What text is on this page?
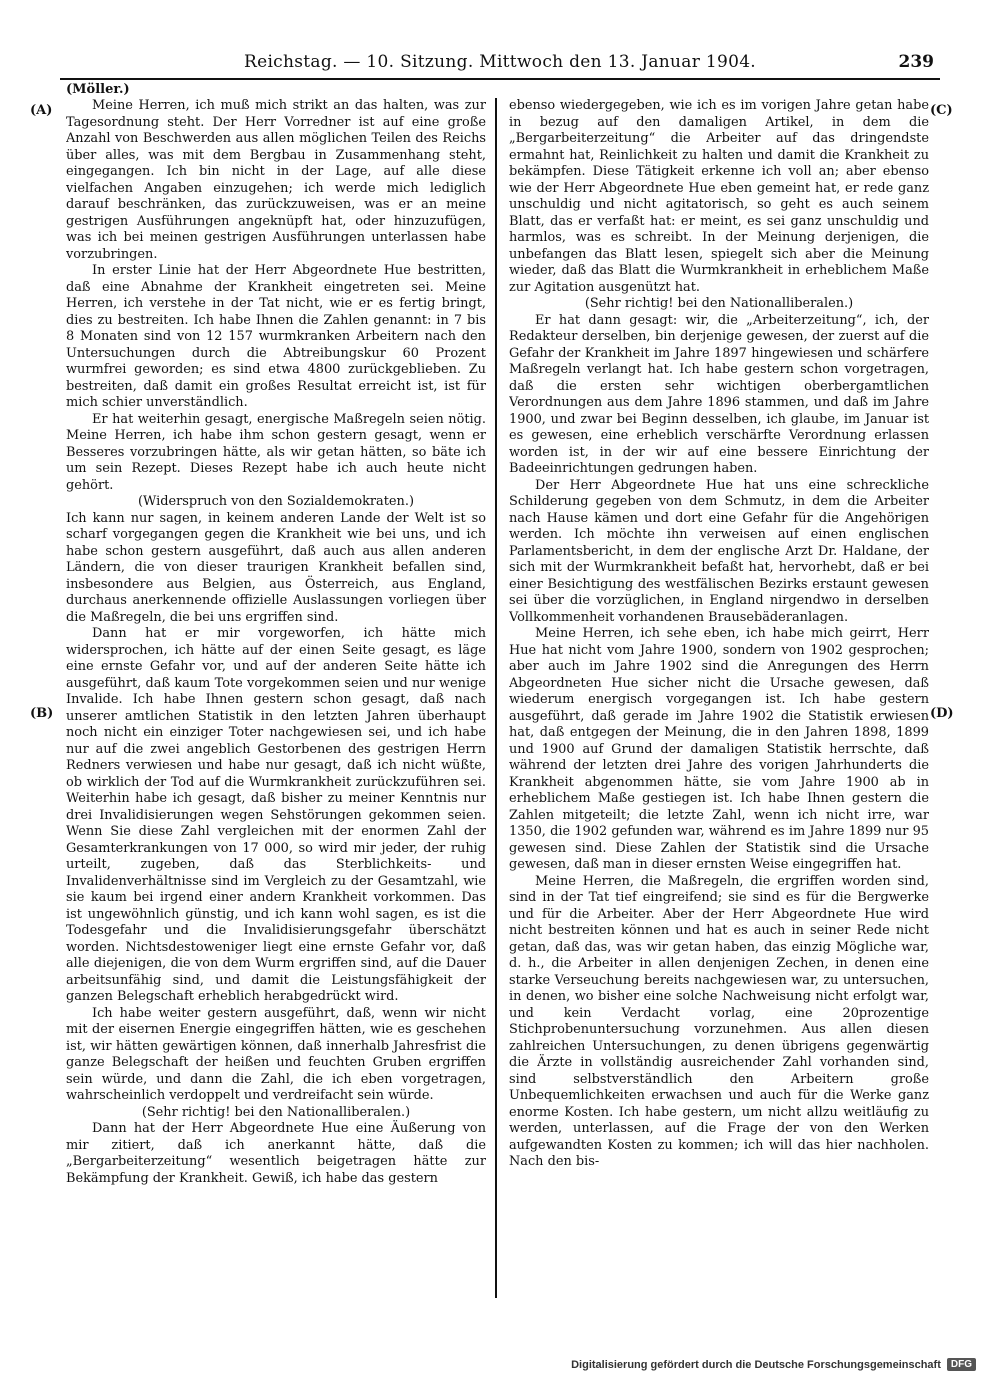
Reichstag. — 10. Sitzung. Mittwoch den 13. Januar 1904.	239
(Möller.)
(A)
(B)
(C)
(D)

Meine Herren, ich muß mich strikt an das halten, was zur Tagesordnung steht. Der Herr Vorredner ist auf eine große Anzahl von Beschwerden aus allen möglichen Teilen des Reichs über alles, was mit dem Bergbau in Zusammenhang steht, eingegangen. Ich bin nicht in der Lage, auf alle diese vielfachen Angaben einzugehen; ich werde mich lediglich darauf beschränken, das zurückzuweisen, was er an meine gestrigen Ausführungen angeknüpft hat, oder hinzuzufügen, was ich bei meinen gestrigen Ausführungen unterlassen habe vorzubringen.

In erster Linie hat der Herr Abgeordnete Hue bestritten, daß eine Abnahme der Krankheit eingetreten sei. Meine Herren, ich verstehe in der Tat nicht, wie er es fertig bringt, dies zu bestreiten. Ich habe Ihnen die Zahlen genannt: in 7 bis 8 Monaten sind von 12 157 wurmkranken Arbeitern nach den Untersuchungen durch die Abtreibungskur 60 Prozent wurmfrei geworden; es sind etwa 4800 zurückgeblieben. Zu bestreiten, daß damit ein großes Resultat erreicht ist, ist für mich schier unverständlich.

Er hat weiterhin gesagt, energische Maßregeln seien nötig. Meine Herren, ich habe ihm schon gestern gesagt, wenn er Besseres vorzubringen hätte, als wir getan hätten, so bäte ich um sein Rezept. Dieses Rezept habe ich auch heute nicht gehört.

(Widerspruch von den Sozialdemokraten.)

Ich kann nur sagen, in keinem anderen Lande der Welt ist so scharf vorgegangen gegen die Krankheit wie bei uns, und ich habe schon gestern ausgeführt, daß auch aus allen anderen Ländern, die von dieser traurigen Krankheit befallen sind, insbesondere aus Belgien, aus Österreich, aus England, durchaus anerkennende offizielle Auslassungen vorliegen über die Maßregeln, die bei uns ergriffen sind.

Dann hat er mir vorgeworfen, ich hätte mich widersprochen, ich hätte auf der einen Seite gesagt, es läge eine ernste Gefahr vor, und auf der anderen Seite hätte ich ausgeführt, daß kaum Tote vorgekommen seien und nur wenige Invalide. Ich habe Ihnen gestern schon gesagt, daß nach unserer amtlichen Statistik in den letzten Jahren überhaupt noch nicht ein einziger Toter nachgewiesen sei, und ich habe nur auf die zwei angeblich Gestorbenen des gestrigen Herrn Redners verwiesen und habe nur gesagt, daß ich nicht wüßte, ob wirklich der Tod auf die Wurmkrankheit zurückzuführen sei. Weiterhin habe ich gesagt, daß bisher zu meiner Kenntnis nur drei Invalidisierungen wegen Sehstörungen gekommen seien. Wenn Sie diese Zahl vergleichen mit der enormen Zahl der Gesamterkrankungen von 17 000, so wird mir jeder, der ruhig urteilt, zugeben, daß das Sterblichkeits- und Invalidenverhältnisse sind im Vergleich zu der Gesamtzahl, wie sie kaum bei irgend einer andern Krankheit vorkommen. Das ist ungewöhnlich günstig, und ich kann wohl sagen, es ist die Todesgefahr und die Invalidisierungsgefahr überschätzt worden. Nichtsdestoweniger liegt eine ernste Gefahr vor, daß alle diejenigen, die von dem Wurm ergriffen sind, auf die Dauer arbeitsunfähig sind, und damit die Leistungsfähigkeit der ganzen Belegschaft erheblich herabgedrückt wird.

Ich habe weiter gestern ausgeführt, daß, wenn wir nicht mit der eisernen Energie eingegriffen hätten, wie es geschehen ist, wir hätten gewärtigen können, daß innerhalb Jahresfrist die ganze Belegschaft der heißen und feuchten Gruben ergriffen sein würde, und dann die Zahl, die ich eben vorgetragen, wahrscheinlich verdoppelt und verdreifacht sein würde.

(Sehr richtig! bei den Nationalliberalen.)

Dann hat der Herr Abgeordnete Hue eine Äußerung von mir zitiert, daß ich anerkannt hätte, daß die „Bergarbeiterzeitung“ wesentlich beigetragen hätte zur Bekämpfung der Krankheit. Gewiß, ich habe das gestern

ebenso wiedergegeben, wie ich es im vorigen Jahre getan habe in bezug auf den damaligen Artikel, in dem die „Bergarbeiterzeitung“ die Arbeiter auf das dringendste ermahnt hat, Reinlichkeit zu halten und damit die Krankheit zu bekämpfen. Diese Tätigkeit erkenne ich voll an; aber ebenso wie der Herr Abgeordnete Hue eben gemeint hat, er rede ganz unschuldig und nicht agitatorisch, so geht es auch seinem Blatt, das er verfaßt hat: er meint, es sei ganz unschuldig und harmlos, was es schreibt. In der Meinung derjenigen, die unbefangen das Blatt lesen, spiegelt sich aber die Meinung wieder, daß das Blatt die Wurmkrankheit in erheblichem Maße zur Agitation ausgenützt hat.

(Sehr richtig! bei den Nationalliberalen.)

Er hat dann gesagt: wir, die „Arbeiterzeitung“, ich, der Redakteur derselben, bin derjenige gewesen, der zuerst auf die Gefahr der Krankheit im Jahre 1897 hingewiesen und schärfere Maßregeln verlangt hat. Ich habe gestern schon vorgetragen, daß die ersten sehr wichtigen oberbergamtlichen Verordnungen aus dem Jahre 1896 stammen, und daß im Jahre 1900, und zwar bei Beginn desselben, ich glaube, im Januar ist es gewesen, eine erheblich verschärfte Verordnung erlassen worden ist, in der wir auf eine bessere Einrichtung der Badeeinrichtungen gedrungen haben.

Der Herr Abgeordnete Hue hat uns eine schreckliche Schilderung gegeben von dem Schmutz, in dem die Arbeiter nach Hause kämen und dort eine Gefahr für die Angehörigen werden. Ich möchte ihn verweisen auf einen englischen Parlamentsbericht, in dem der englische Arzt Dr. Haldane, der sich mit der Wurmkrankheit befaßt hat, hervorhebt, daß er bei einer Besichtigung des westfälischen Bezirks erstaunt gewesen sei über die vorzüglichen, in England nirgendwo in derselben Vollkommenheit vorhandenen Brausebäderanlagen.

Meine Herren, ich sehe eben, ich habe mich geirrt, Herr Hue hat nicht vom Jahre 1900, sondern von 1902 gesprochen; aber auch im Jahre 1902 sind die Anregungen des Herrn Abgeordneten Hue sicher nicht die Ursache gewesen, daß wiederum energisch vorgegangen ist. Ich habe gestern ausgeführt, daß gerade im Jahre 1902 die Statistik erwiesen hat, daß entgegen der Meinung, die in den Jahren 1898, 1899 und 1900 auf Grund der damaligen Statistik herrschte, daß während der letzten drei Jahre des vorigen Jahrhunderts die Krankheit abgenommen hätte, sie vom Jahre 1900 ab in erheblichem Maße gestiegen ist. Ich habe Ihnen gestern die Zahlen mitgeteilt; die letzte Zahl, wenn ich nicht irre, war 1350, die 1902 gefunden war, während es im Jahre 1899 nur 95 gewesen sind. Diese Zahlen der Statistik sind die Ursache gewesen, daß man in dieser ernsten Weise eingegriffen hat.

Meine Herren, die Maßregeln, die ergriffen worden sind, sind in der Tat tief eingreifend; sie sind es für die Bergwerke und für die Arbeiter. Aber der Herr Abgeordnete Hue wird nicht bestreiten können und hat es auch in seiner Rede nicht getan, daß das, was wir getan haben, das einzig Mögliche war, d. h., die Arbeiter in allen denjenigen Zechen, in denen eine starke Verseuchung bereits nachgewiesen war, zu untersuchen, in denen, wo bisher eine solche Nachweisung nicht erfolgt war, und kein Verdacht vorlag, eine 20prozentige Stichprobenuntersuchung vorzunehmen. Aus allen diesen zahlreichen Untersuchungen, zu denen übrigens gegenwärtig die Ärzte in vollständig ausreichender Zahl vorhanden sind, sind selbstverständlich den Arbeitern große Unbequemlichkeiten erwachsen und auch für die Werke ganz enorme Kosten. Ich habe gestern, um nicht allzu weitläufig zu werden, unterlassen, auf die Frage der von den Werken aufgewandten Kosten zu kommen; ich will das hier nachholen. Nach den bis-

Digitalisierung gefördert durch die Deutsche Forschungsgemeinschaft	DFG
